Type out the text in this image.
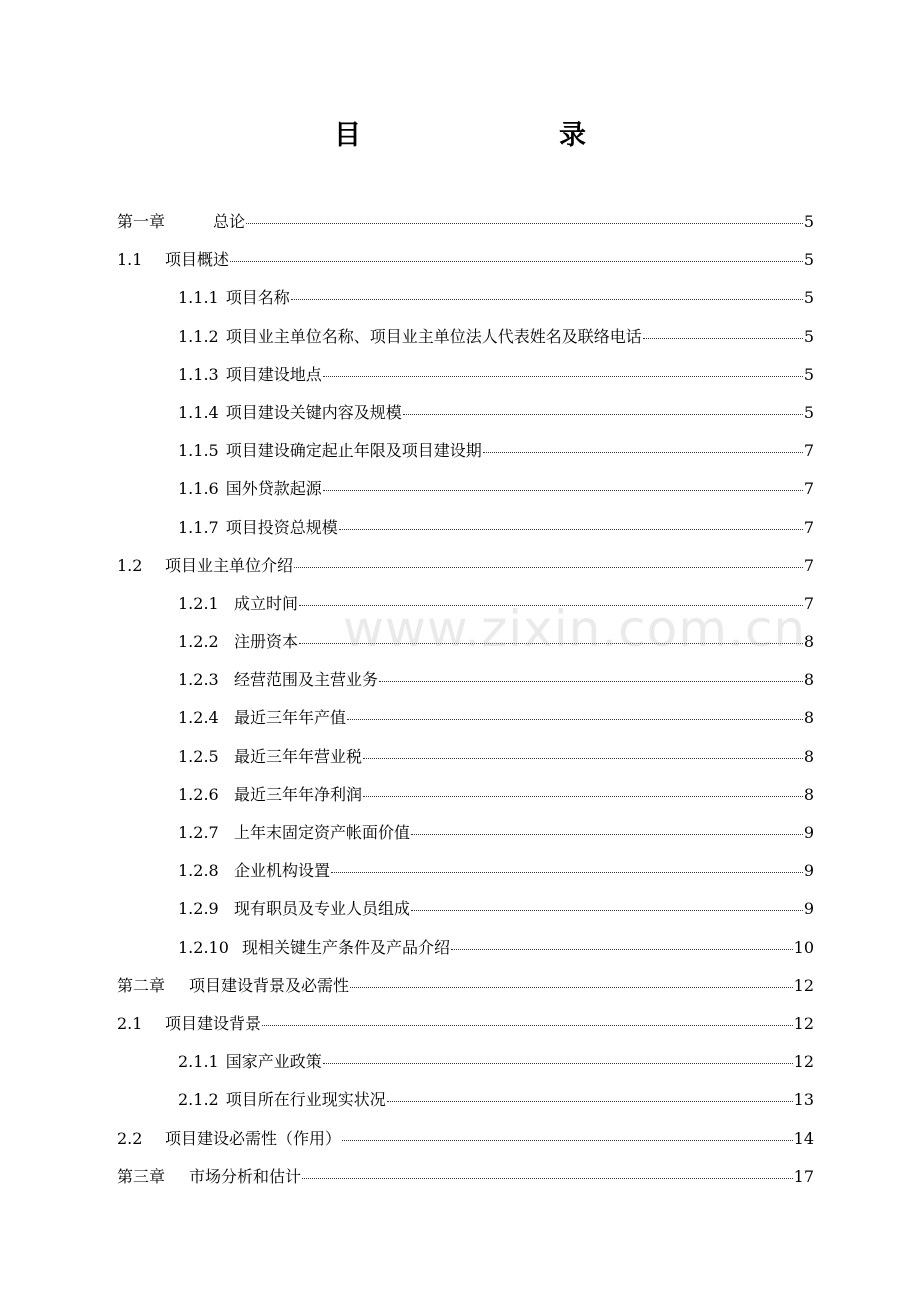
目　　录
第一章	总论	5
1.1	项目概述	5
1.1.1 项目名称	5
1.1.2 项目业主单位名称、项目业主单位法人代表姓名及联络电话	5
1.1.3 项目建设地点	5
1.1.4 项目建设关键内容及规模	5
1.1.5 项目建设确定起止年限及项目建设期	7
1.1.6 国外贷款起源	7
1.1.7 项目投资总规模	7
1.2	项目业主单位介绍	7
1.2.1 成立时间	7
1.2.2 注册资本	8
1.2.3 经营范围及主营业务	8
1.2.4 最近三年年产值	8
1.2.5 最近三年年营业税	8
1.2.6 最近三年年净利润	8
1.2.7 上年末固定资产帐面价值	9
1.2.8 企业机构设置	9
1.2.9 现有职员及专业人员组成	9
1.2.10 现相关键生产条件及产品介绍	10
第二章	项目建设背景及必需性	12
2.1	项目建设背景	12
2.1.1 国家产业政策	12
2.1.2 项目所在行业现实状况	13
2.2	项目建设必需性（作用）	14
第三章	市场分析和估计	17
www.zixin.com.cn
